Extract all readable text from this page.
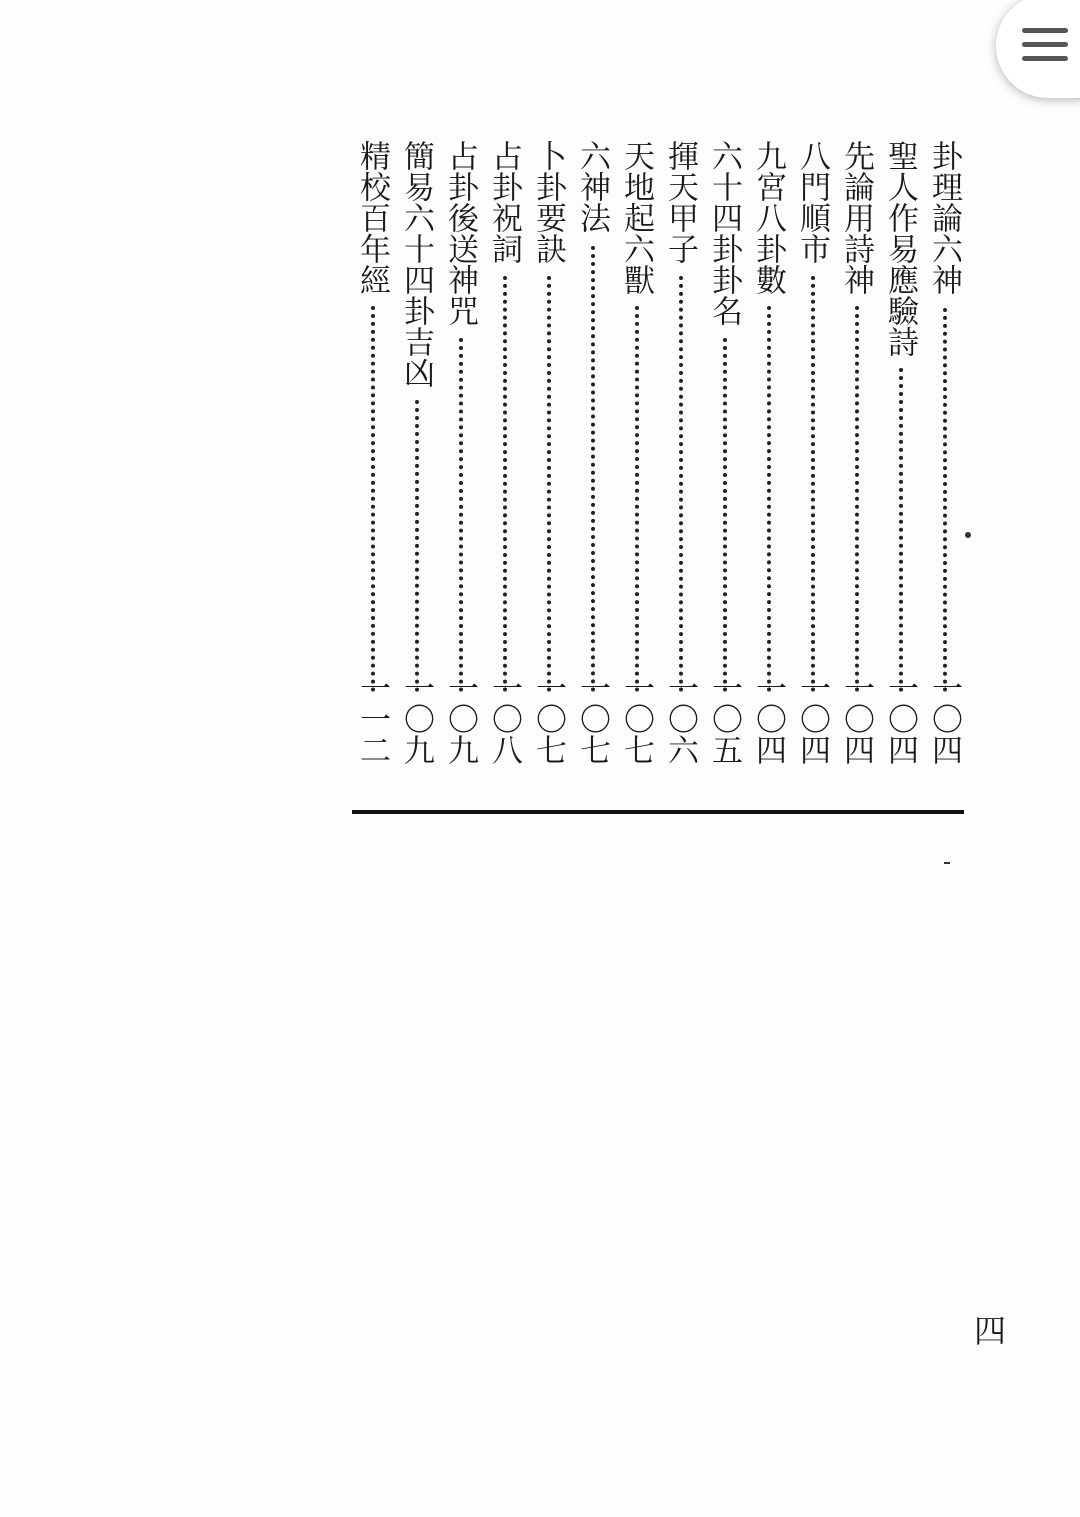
卦理論六神
一〇四
聖人作易應驗詩
一〇四
先論用詩神
一〇四
八門順市
一〇四
九宮八卦數
一〇四
六十四卦卦名
一〇五
揮天甲子
一〇六
天地起六獸
一〇七
六神法
一〇七
卜卦要訣
一〇七
占卦祝詞
一〇八
占卦後送神咒
一〇九
簡易六十四卦吉凶
一〇九
精校百年經
一一二
四
